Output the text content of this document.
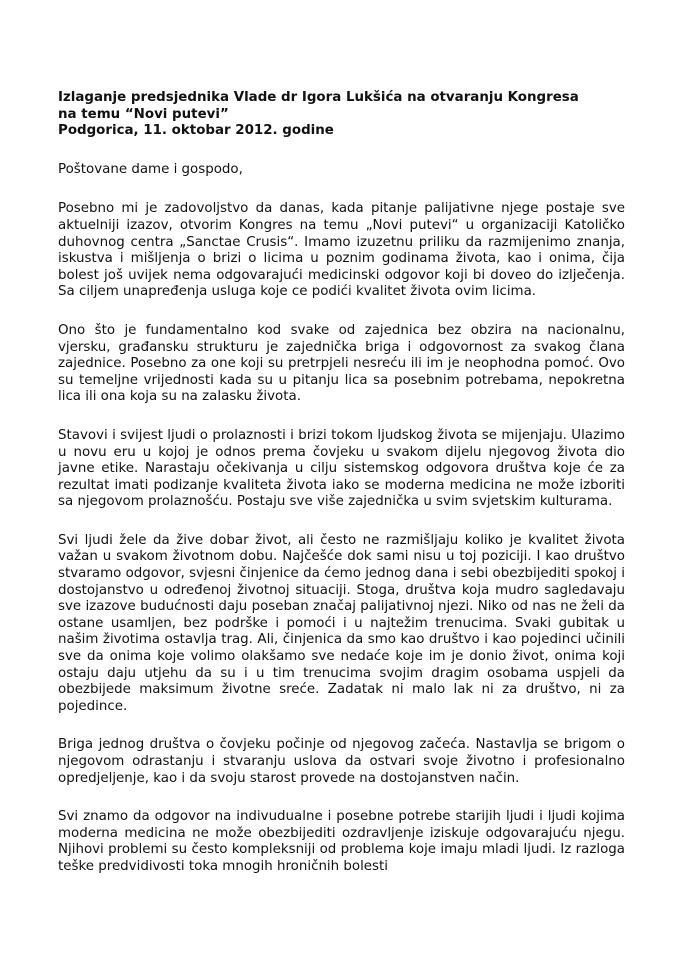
Izlaganje predsjednika Vlade dr Igora Lukšića na otvaranju Kongresa
na temu “Novi putevi”
Podgorica, 11. oktobar 2012. godine

Poštovane dame i gospodo,

Posebno mi je zadovoljstvo da danas, kada pitanje palijativne njege postaje sve aktuelniji izazov, otvorim Kongres na temu „Novi putevi“ u organizaciji Katoličko duhovnog centra „Sanctae Crusis“. Imamo izuzetnu priliku da razmijenimo znanja, iskustva i mišljenja o brizi o licima u poznim godinama života, kao i onima, čija bolest još uvijek nema odgovarajući medicinski odgovor koji bi doveo do izlječenja. Sa ciljem unapređenja usluga koje ce podići kvalitet života ovim licima.

Ono što je fundamentalno kod svake od zajednica bez obzira na nacionalnu, vjersku, građansku strukturu je zajednička briga i odgovornost za svakog člana zajednice. Posebno za one koji su pretrpjeli nesreću ili im je neophodna pomoć. Ovo su temeljne vrijednosti kada su u pitanju lica sa posebnim potrebama, nepokretna lica ili ona koja su na zalasku života.

Stavovi i svijest ljudi o prolaznosti i brizi tokom ljudskog života se mijenjaju. Ulazimo u novu eru u kojoj je odnos prema čovjeku u svakom dijelu njegovog života dio javne etike. Narastaju očekivanja u cilju sistemskog odgovora društva koje će za rezultat imati podizanje kvaliteta života iako se moderna medicina ne može izboriti sa njegovom prolaznošću. Postaju sve više zajednička u svim svjetskim kulturama.

Svi ljudi žele da žive dobar život, ali često ne razmišljaju koliko je kvalitet života važan u svakom životnom dobu. Najčešće dok sami nisu u toj poziciji. I kao društvo stvaramo odgovor, svjesni činjenice da ćemo jednog dana i sebi obezbijediti spokoj i dostojanstvo u određenoj životnoj situaciji. Stoga, društva koja mudro sagledavaju sve izazove budućnosti daju poseban značaj palijativnoj njezi. Niko od nas ne želi da ostane usamljen, bez podrške i pomoći i u najtežim trenucima. Svaki gubitak u našim životima ostavlja trag. Ali, činjenica da smo kao društvo i kao pojedinci učinili sve da onima koje volimo olakšamo sve nedaće koje im je donio život, onima koji ostaju daju utjehu da su i u tim trenucima svojim dragim osobama uspjeli da obezbijede maksimum životne sreće. Zadatak ni malo lak ni za društvo, ni za pojedince.

Briga jednog društva o čovjeku počinje od njegovog začeća. Nastavlja se brigom o njegovom odrastanju i stvaranju uslova da ostvari svoje životno i profesionalno opredjeljenje, kao i da svoju starost provede na dostojanstven način.

Svi znamo da odgovor na indivudualne i posebne potrebe starijih ljudi i ljudi kojima moderna medicina ne može obezbijediti ozdravljenje iziskuje odgovarajuću njegu. Njihovi problemi su često kompleksniji od problema koje imaju mladi ljudi. Iz razloga teške predvidivosti toka mnogih hroničnih bolesti
